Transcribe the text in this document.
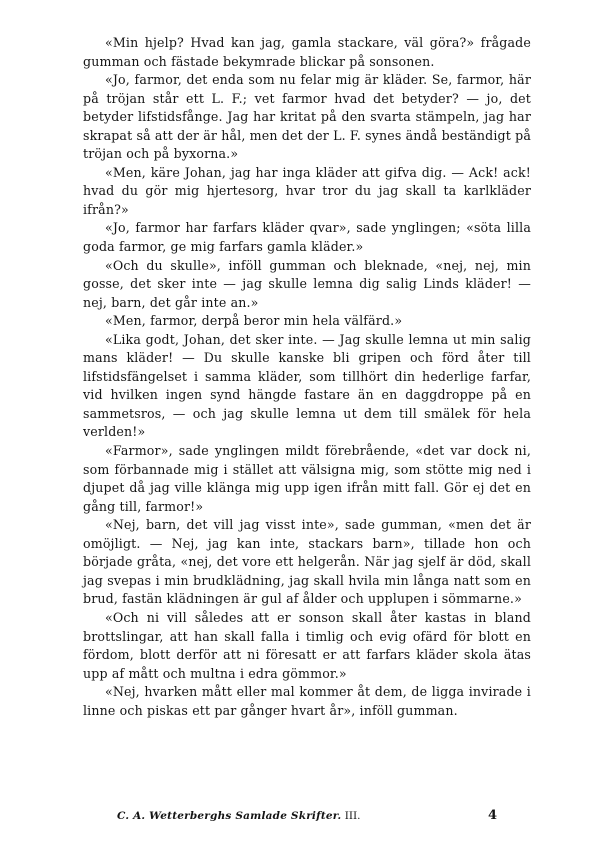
«Min hjelp? Hvad kan jag, gamla stackare, väl göra?» frågade gumman och fästade bekymrade blickar på sonsonen.

«Jo, farmor, det enda som nu felar mig är kläder. Se, farmor, här på tröjan står ett L. F.; vet farmor hvad det betyder? — jo, det betyder lifstidsfånge. Jag har kritat på den svarta stämpeln, jag har skrapat så att der är hål, men det der L. F. synes ändå beständigt på tröjan och på byxorna.»

«Men, käre Johan, jag har inga kläder att gifva dig. — Ack! ack! hvad du gör mig hjertesorg, hvar tror du jag skall ta karlkläder ifrån?»

«Jo, farmor har farfars kläder qvar», sade ynglingen; «söta lilla goda farmor, ge mig farfars gamla kläder.»

«Och du skulle», inföll gumman och bleknade, «nej, nej, min gosse, det sker inte — jag skulle lemna dig salig Linds kläder! — nej, barn, det går inte an.»

«Men, farmor, derpå beror min hela välfärd.»

«Lika godt, Johan, det sker inte. — Jag skulle lemna ut min salig mans kläder! — Du skulle kanske bli gripen och förd åter till lifstidsfängelset i samma kläder, som tillhört din hederlige farfar, vid hvilken ingen synd hängde fastare än en daggdroppe på en sammetsros, — och jag skulle lemna ut dem till smälek för hela verlden!»

«Farmor», sade ynglingen mildt förebrående, «det var dock ni, som förbannade mig i stället att välsigna mig, som stötte mig ned i djupet då jag ville klänga mig upp igen ifrån mitt fall. Gör ej det en gång till, farmor!»

«Nej, barn, det vill jag visst inte», sade gumman, «men det är omöjligt. — Nej, jag kan inte, stackars barn», tillade hon och började gråta, «nej, det vore ett helgerån. När jag sjelf är död, skall jag svepas i min brudklädning, jag skall hvila min långa natt som en brud, fastän klädningen är gul af ålder och upplupen i sömmarne.»

«Och ni vill således att er sonson skall åter kastas in bland brottslingar, att han skall falla i timlig och evig ofärd för blott en fördom, blott derför att ni föresatt er att farfars kläder skola ätas upp af mått och multna i edra gömmor.»

«Nej, hvarken mått eller mal kommer åt dem, de ligga invirade i linne och piskas ett par gånger hvart år», inföll gumman.

C. A. Wetterberghs Samlade Skrifter. III.	4
